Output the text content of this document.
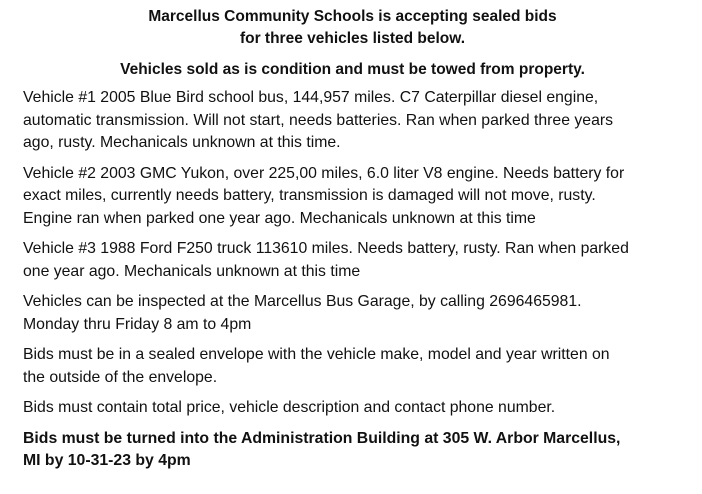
Marcellus Community Schools is accepting sealed bids

for three vehicles listed below.

Vehicles sold as is condition and must be towed from property.

Vehicle #1 2005 Blue Bird school bus, 144,957 miles. C7 Caterpillar diesel engine,
automatic transmission. Will not start, needs batteries. Ran when parked three years
ago, rusty. Mechanicals unknown at this time.
Vehicle #2 2003 GMC Yukon, over 225,00 miles, 6.0 liter V8 engine. Needs battery for
exact miles, currently needs battery, transmission is damaged will not move, rusty.
Engine ran when parked one year ago. Mechanicals unknown at this time
Vehicle #3 1988 Ford F250 truck 113610 miles. Needs battery, rusty. Ran when parked
one year ago. Mechanicals unknown at this time
Vehicles can be inspected at the Marcellus Bus Garage, by calling 2696465981.
Monday thru Friday 8 am to 4pm
Bids must be in a sealed envelope with the vehicle make, model and year written on
the outside of the envelope.
Bids must contain total price, vehicle description and contact phone number.
Bids must be turned into the Administration Building at 305 W. Arbor Marcellus,
MI by 10-31-23 by 4pm
